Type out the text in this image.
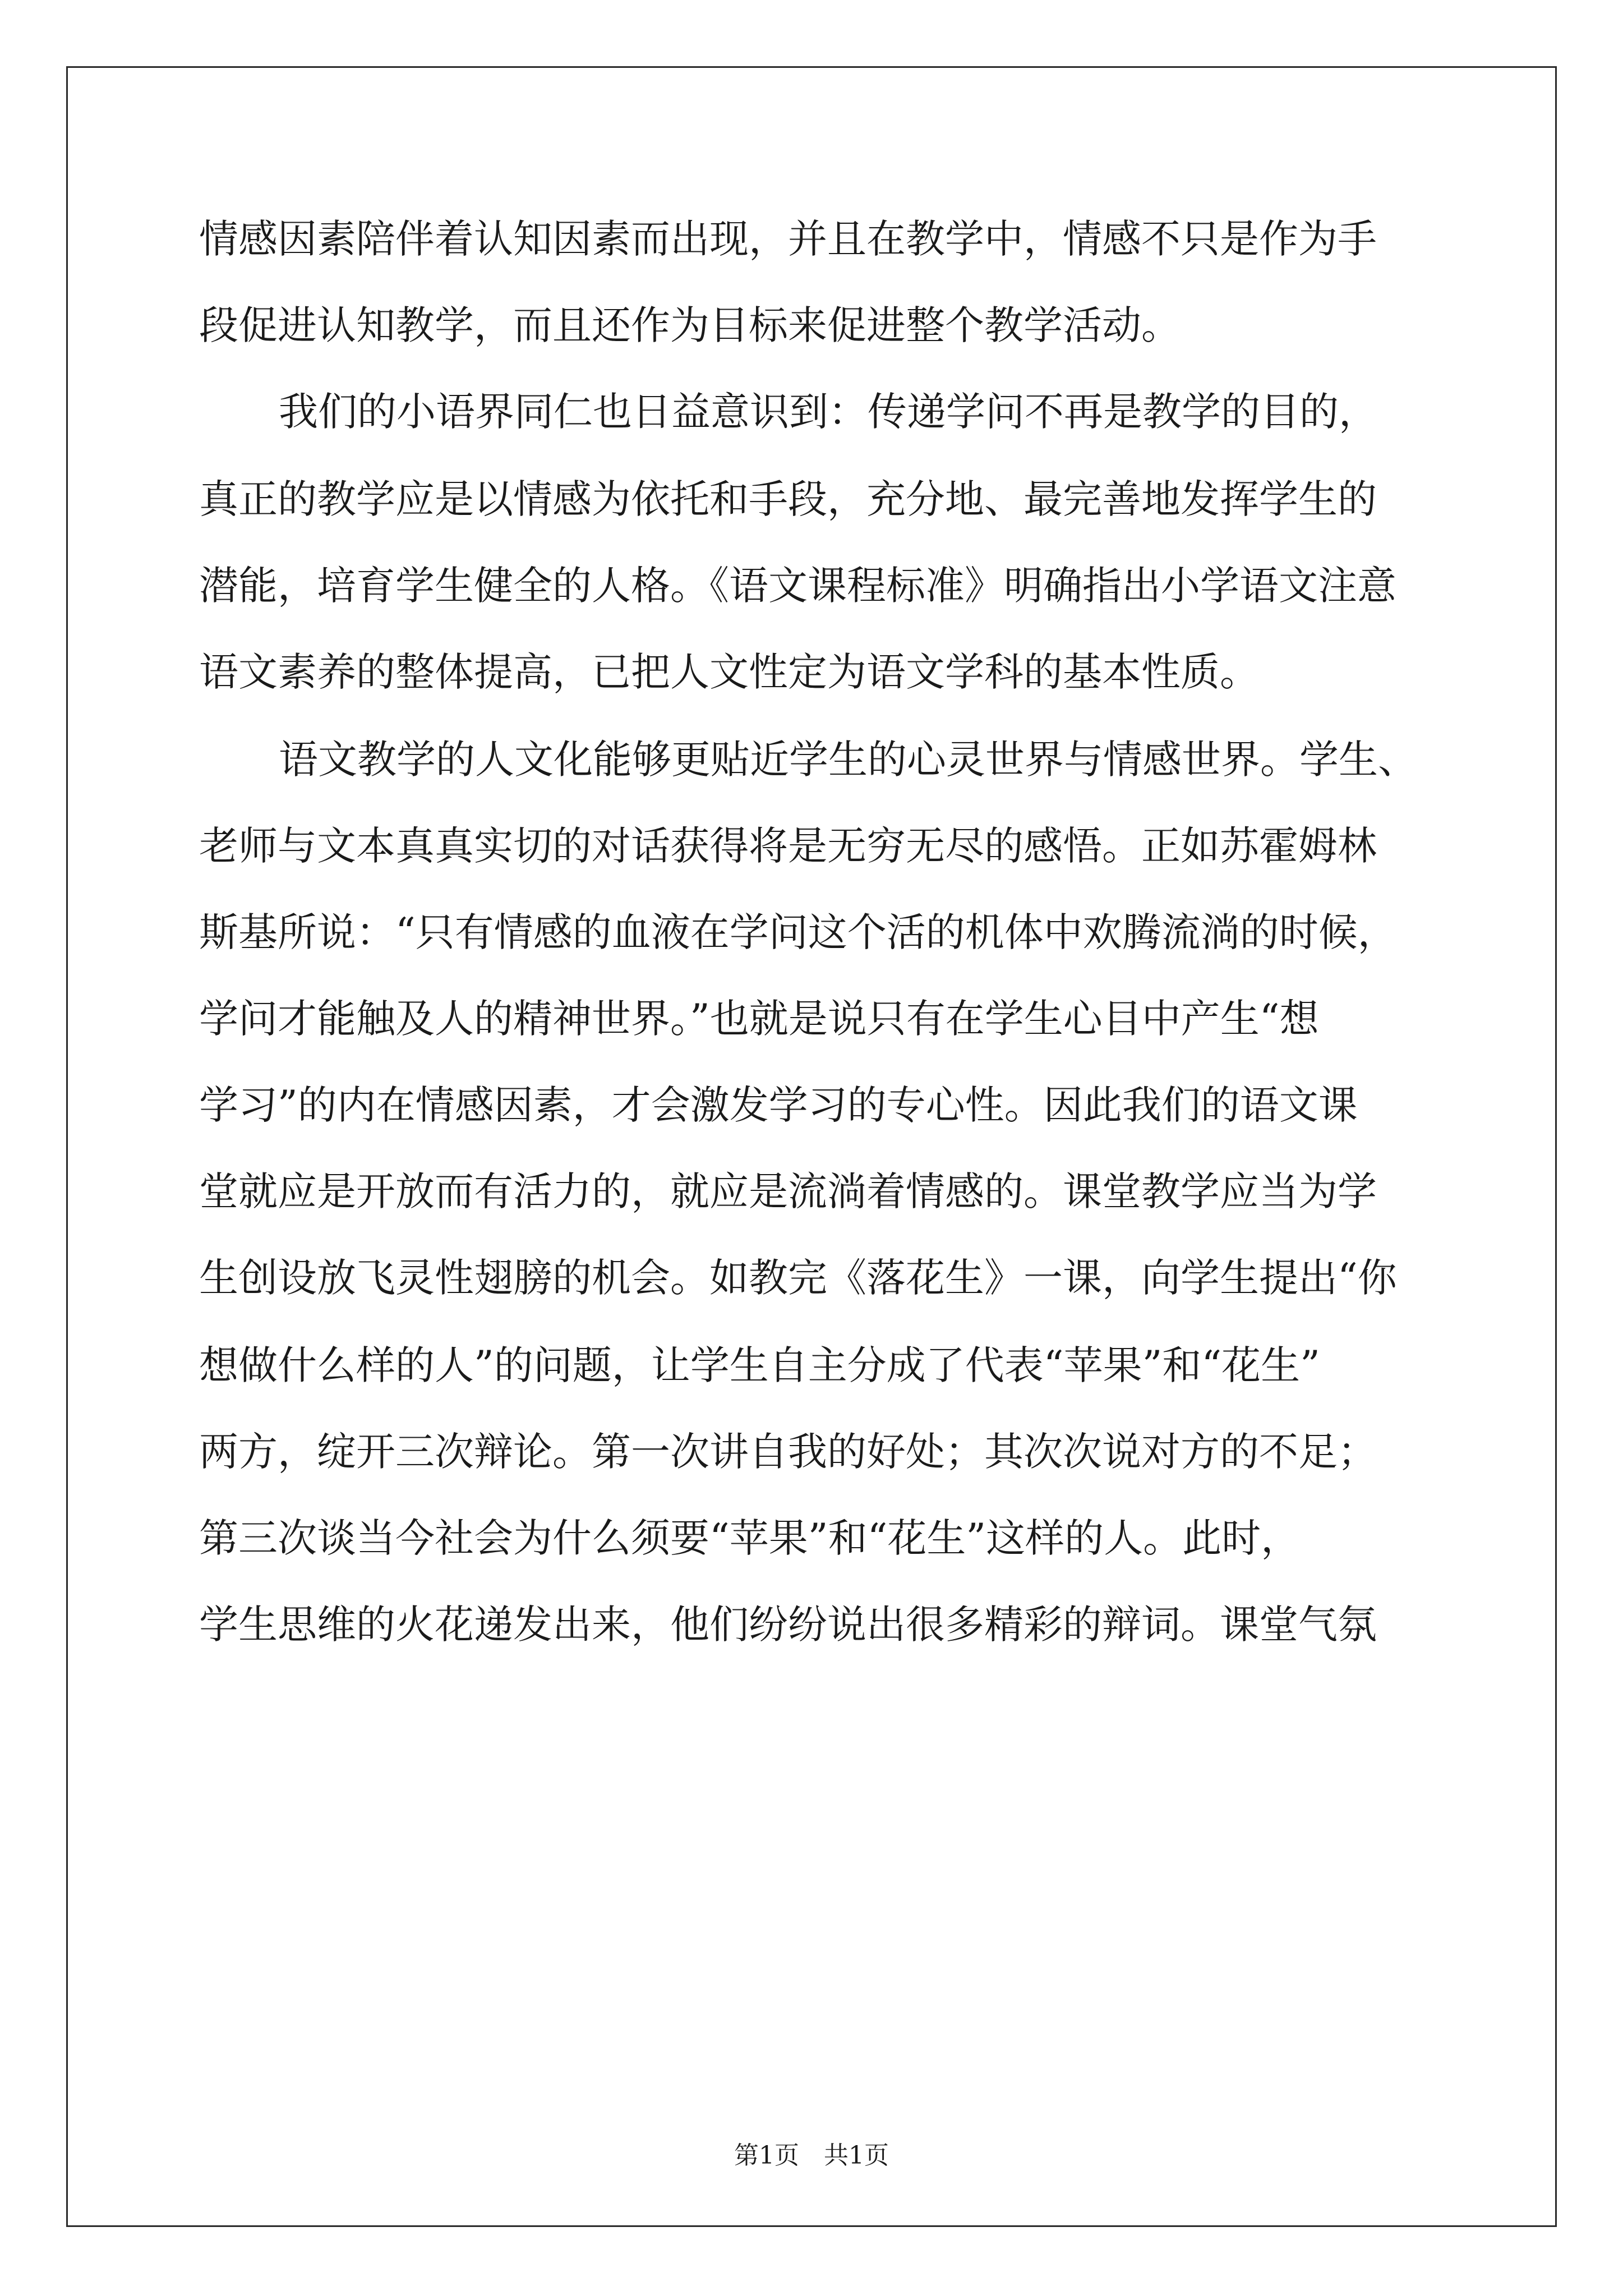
情感因素陪伴着认知因素而出现，并且在教学中，情感不只是作为手
段促进认知教学，而且还作为目标来促进整个教学活动。
我们的小语界同仁也日益意识到：传递学问不再是教学的目的，
真正的教学应是以情感为依托和手段，充分地、最完善地发挥学生的
潜能，培育学生健全的人格。《语文课程标准》明确指出小学语文注意
语文素养的整体提高，已把人文性定为语文学科的基本性质。
语文教学的人文化能够更贴近学生的心灵世界与情感世界。学生、
老师与文本真真实切的对话获得将是无穷无尽的感悟。正如苏霍姆林
斯基所说：“只有情感的血液在学问这个活的机体中欢腾流淌的时候，
学问才能触及人的精神世界。”也就是说只有在学生心目中产生“想
学习”的内在情感因素，才会激发学习的专心性。因此我们的语文课
堂就应是开放而有活力的，就应是流淌着情感的。课堂教学应当为学
生创设放飞灵性翅膀的机会。如教完《落花生》一课，向学生提出“你
想做什么样的人”的问题，让学生自主分成了代表“苹果”和“花生”
两方，绽开三次辩论。第一次讲自我的好处；其次次说对方的不足；
第三次谈当今社会为什么须要“苹果”和“花生”这样的人。此时，
学生思维的火花递发出来，他们纷纷说出很多精彩的辩词。课堂气氛
第1页　共1页
